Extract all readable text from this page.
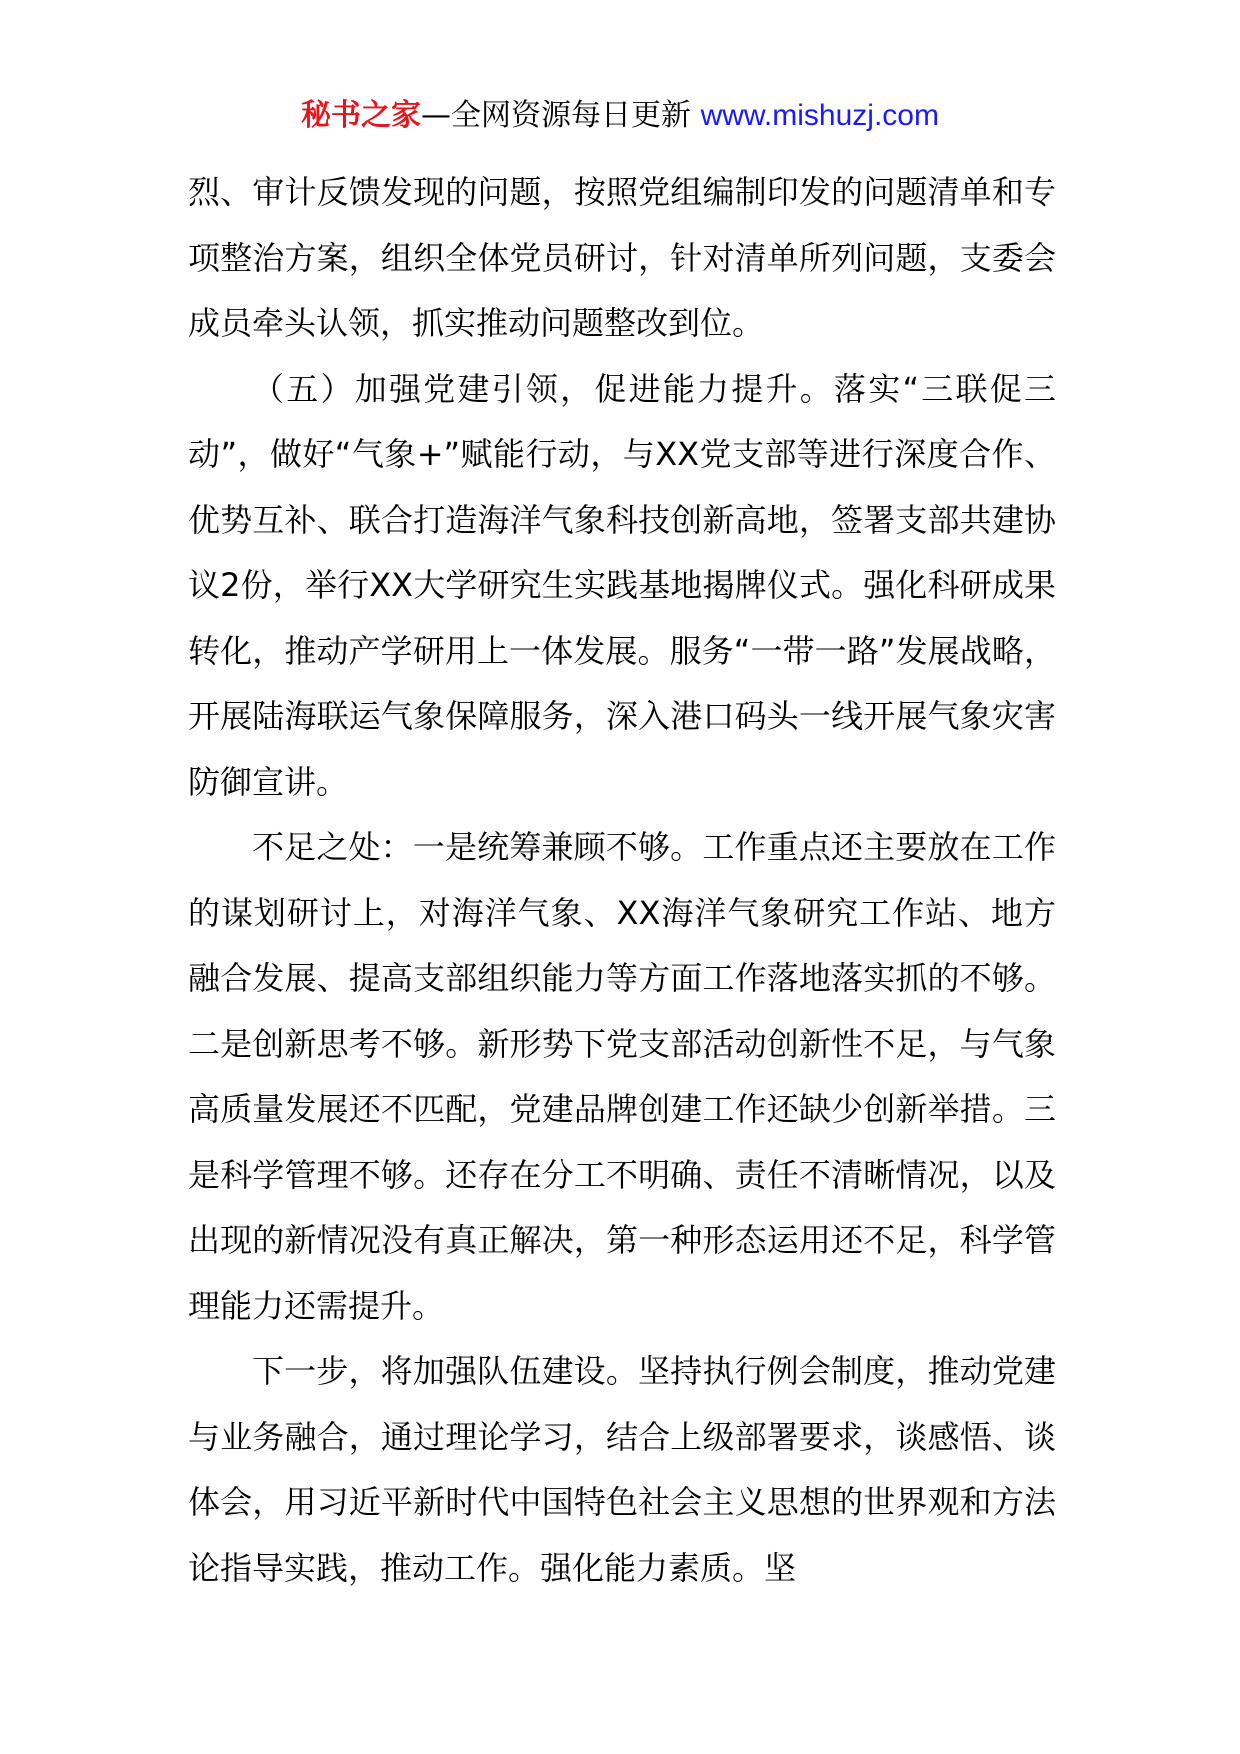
秘书之家—全网资源每日更新 www.mishuzj.com

烈、审计反馈发现的问题，按照党组编制印发的问题清单和专项整治方案，组织全体党员研讨，针对清单所列问题，支委会成员牵头认领，抓实推动问题整改到位。

（五）加强党建引领，促进能力提升。落实“三联促三动”，做好“气象+”赋能行动，与XX党支部等进行深度合作、优势互补、联合打造海洋气象科技创新高地，签署支部共建协议2份，举行XX大学研究生实践基地揭牌仪式。强化科研成果转化，推动产学研用上一体发展。服务“一带一路”发展战略，开展陆海联运气象保障服务，深入港口码头一线开展气象灾害防御宣讲。

不足之处：一是统筹兼顾不够。工作重点还主要放在工作的谋划研讨上，对海洋气象、XX海洋气象研究工作站、地方融合发展、提高支部组织能力等方面工作落地落实抓的不够。二是创新思考不够。新形势下党支部活动创新性不足，与气象高质量发展还不匹配，党建品牌创建工作还缺少创新举措。三是科学管理不够。还存在分工不明确、责任不清晰情况，以及出现的新情况没有真正解决，第一种形态运用还不足，科学管理能力还需提升。

下一步，将加强队伍建设。坚持执行例会制度，推动党建与业务融合，通过理论学习，结合上级部署要求，谈感悟、谈体会，用习近平新时代中国特色社会主义思想的世界观和方法论指导实践，推动工作。强化能力素质。坚
